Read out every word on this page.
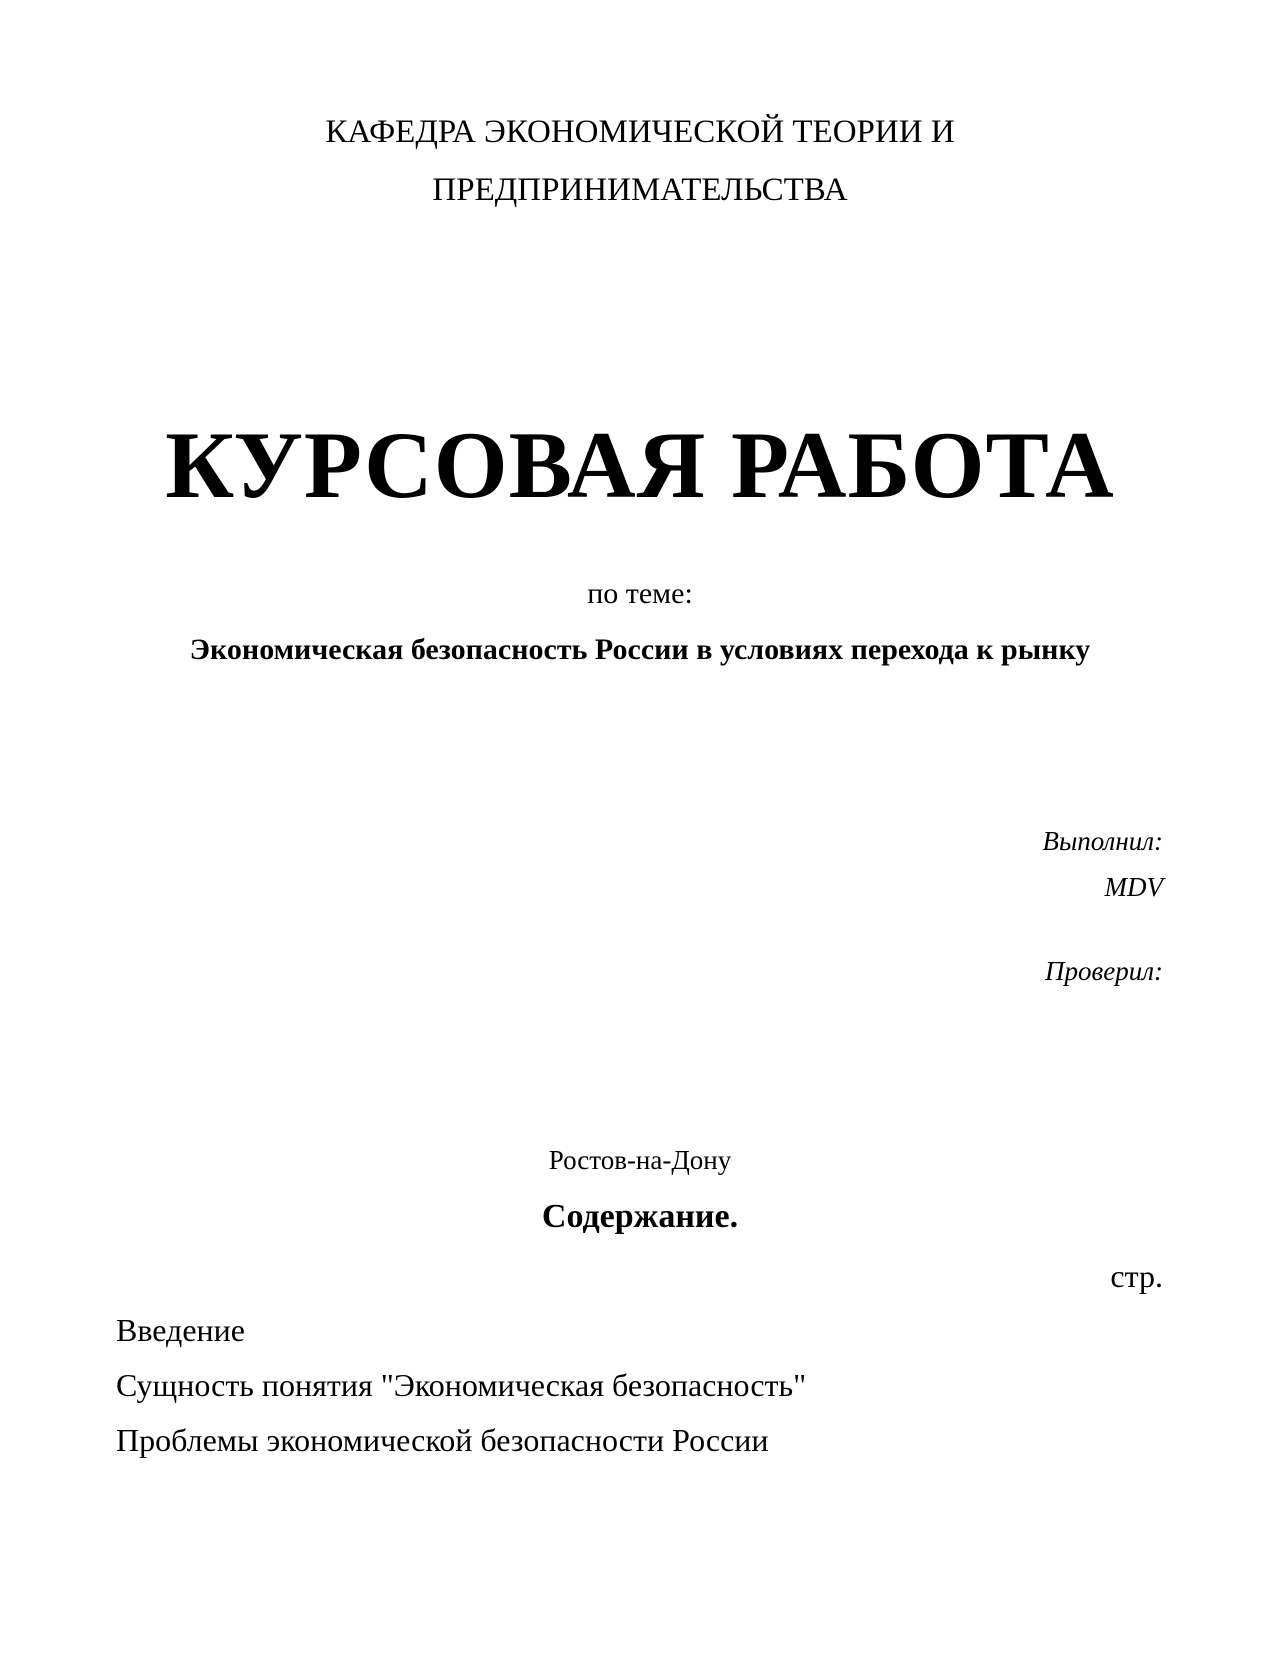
КАФЕДРА ЭКОНОМИЧЕСКОЙ ТЕОРИИ И
ПРЕДПРИНИМАТЕЛЬСТВА
КУРСОВАЯ РАБОТА
по теме:
Экономическая безопасность России в условиях перехода к рынку
Выполнил:
MDV
Проверил:
Ростов-на-Дону
Содержание.
стр.
Введение
Сущность понятия "Экономическая безопасность"
Проблемы экономической безопасности России
